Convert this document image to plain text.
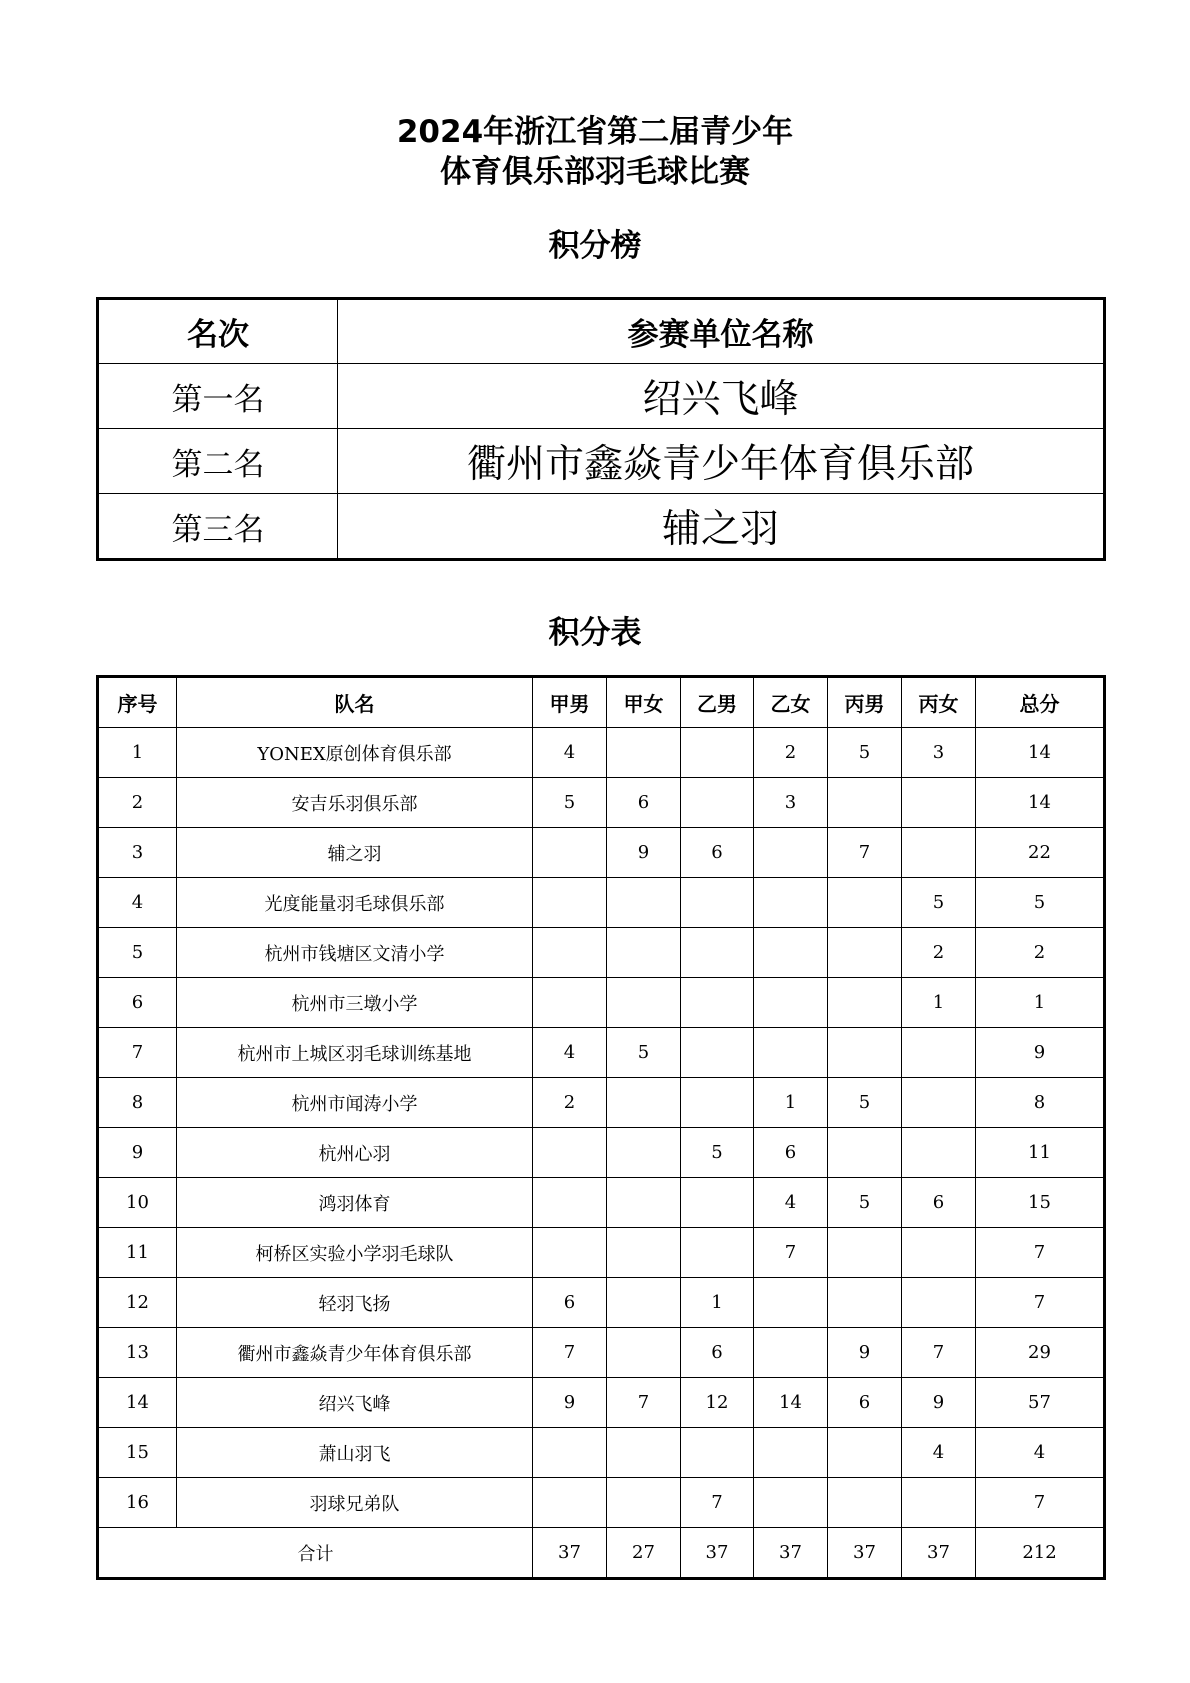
2024年浙江省第二届青少年
体育俱乐部羽毛球比赛
积分榜
名次	参赛单位名称
第一名	绍兴飞峰
第二名	衢州市鑫焱青少年体育俱乐部
第三名	辅之羽
积分表
序号	队名	甲男	甲女	乙男	乙女	丙男	丙女	总分
1	YONEX原创体育俱乐部	4			2	5	3	14
2	安吉乐羽俱乐部	5	6		3			14
3	辅之羽		9	6		7		22
4	光度能量羽毛球俱乐部						5	5
5	杭州市钱塘区文清小学						2	2
6	杭州市三墩小学						1	1
7	杭州市上城区羽毛球训练基地	4	5					9
8	杭州市闻涛小学	2			1	5		8
9	杭州心羽			5	6			11
10	鸿羽体育				4	5	6	15
11	柯桥区实验小学羽毛球队				7			7
12	轻羽飞扬	6		1				7
13	衢州市鑫焱青少年体育俱乐部	7		6		9	7	29
14	绍兴飞峰	9	7	12	14	6	9	57
15	萧山羽飞						4	4
16	羽球兄弟队			7				7
合计		37	27	37	37	37	37	212
